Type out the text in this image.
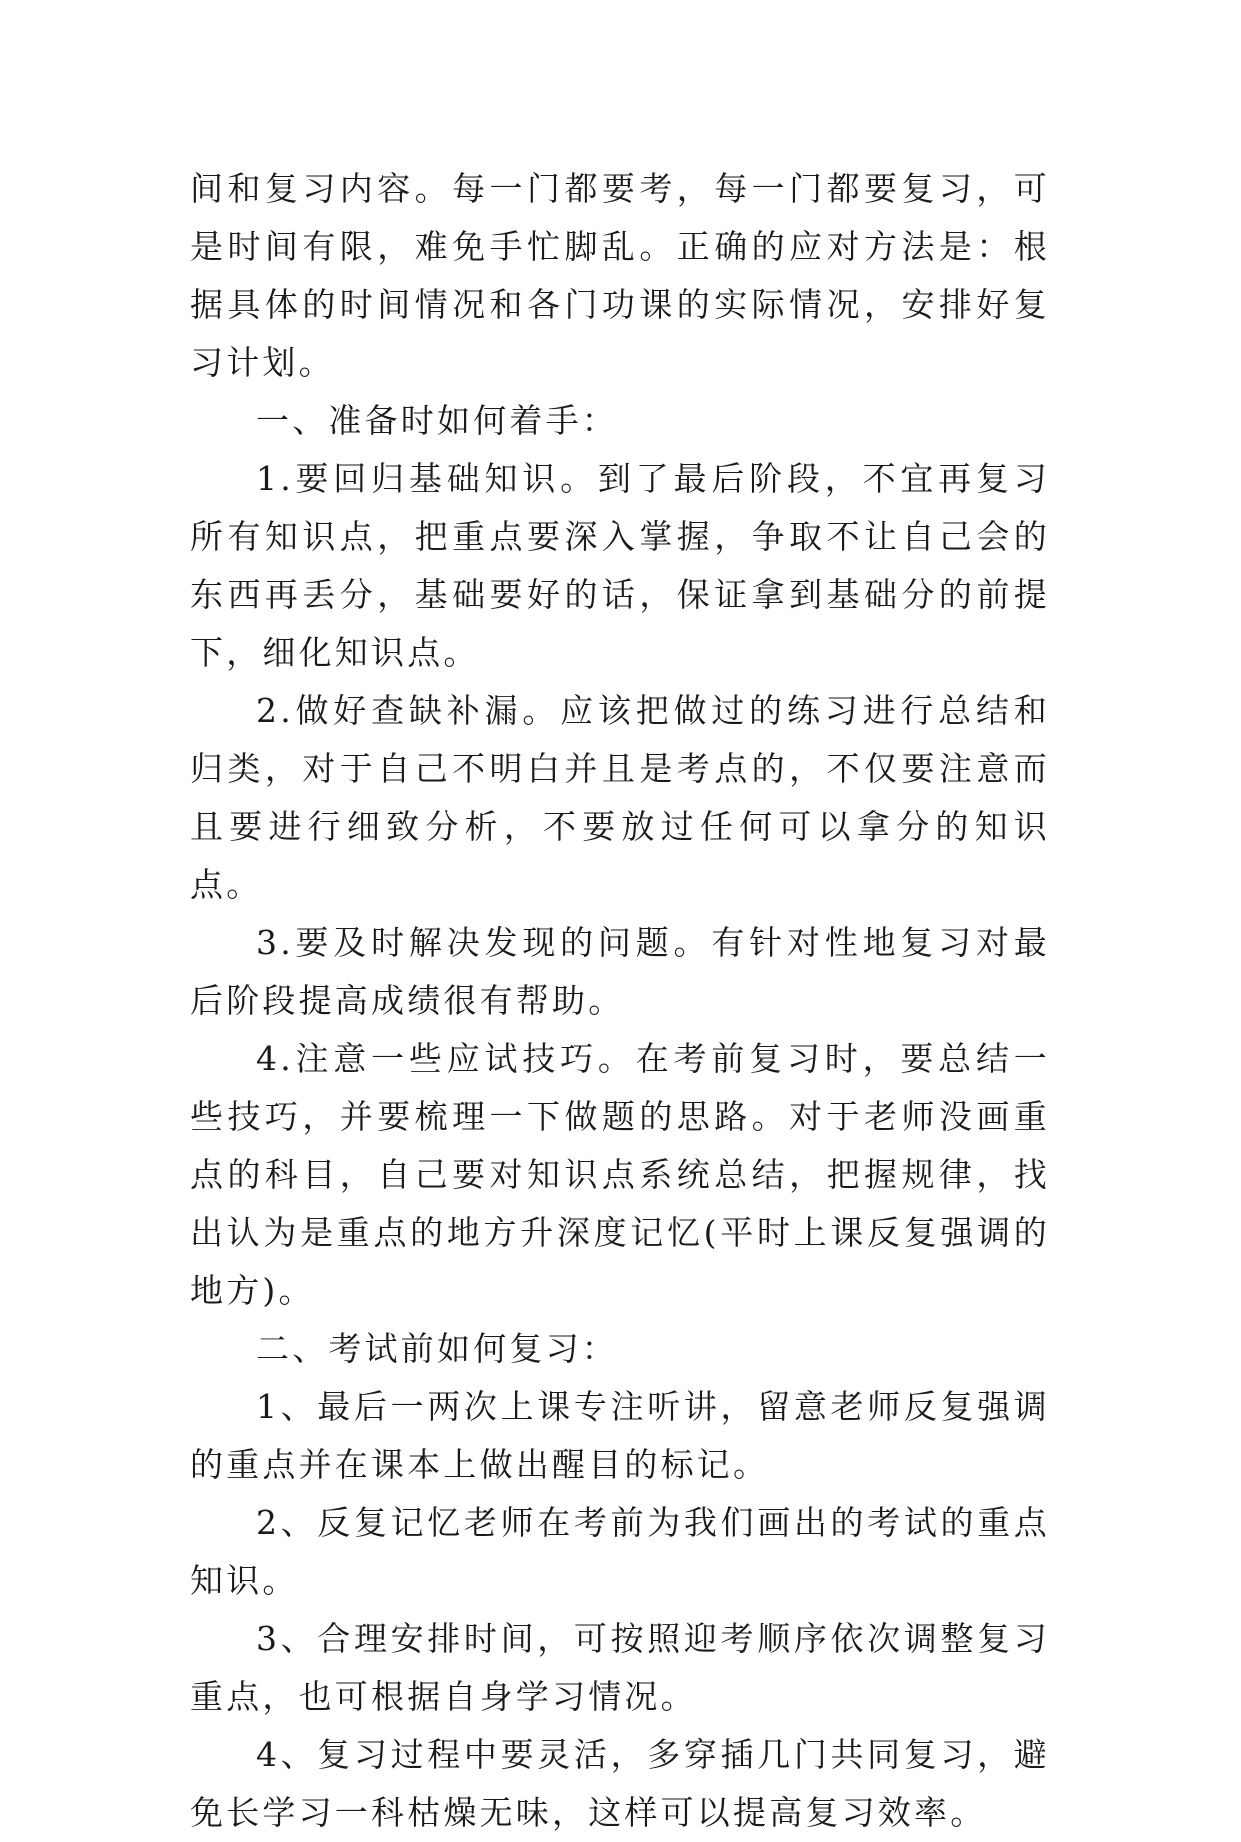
间和复习内容。每一门都要考，每一门都要复习，可是时间有限，难免手忙脚乱。正确的应对方法是：根据具体的时间情况和各门功课的实际情况，安排好复习计划。

一、准备时如何着手：

1.要回归基础知识。到了最后阶段，不宜再复习所有知识点，把重点要深入掌握，争取不让自己会的东西再丢分，基础要好的话，保证拿到基础分的前提下，细化知识点。

2.做好查缺补漏。应该把做过的练习进行总结和归类，对于自己不明白并且是考点的，不仅要注意而且要进行细致分析，不要放过任何可以拿分的知识点。

3.要及时解决发现的问题。有针对性地复习对最后阶段提高成绩很有帮助。

4.注意一些应试技巧。在考前复习时，要总结一些技巧，并要梳理一下做题的思路。对于老师没画重点的科目，自己要对知识点系统总结，把握规律，找出认为是重点的地方升深度记忆(平时上课反复强调的地方)。

二、考试前如何复习：

1、最后一两次上课专注听讲，留意老师反复强调的重点并在课本上做出醒目的标记。

2、反复记忆老师在考前为我们画出的考试的重点知识。

3、合理安排时间，可按照迎考顺序依次调整复习重点，也可根据自身学习情况。

4、复习过程中要灵活，多穿插几门共同复习，避免长学习一科枯燥无味，这样可以提高复习效率。
